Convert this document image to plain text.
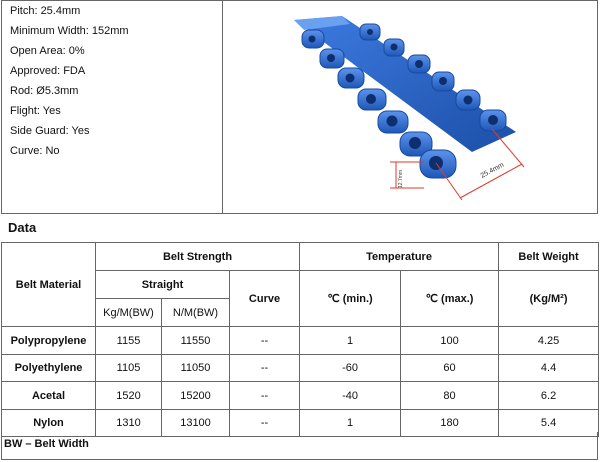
Pitch: 25.4mm
Minimum Width: 152mm
Open Area: 0%
Approved: FDA
Rod: Ø5.3mm
Flight: Yes
Side Guard: Yes
Curve: No
25.4mm
12.7mm
Data
Belt Material	Belt Strength			Temperature		Belt Weight
	Straight		Curve	℃ (min.)	℃ (max.)	(Kg/M²)
	Kg/M(BW)	N/M(BW)				
Polypropylene	1155	11550	--	1	100	4.25
Polyethylene	1105	11050	--	-60	60	4.4
Acetal	1520	15200	--	-40	80	6.2
Nylon	1310	13100	--	1	180	5.4
BW – Belt Width
